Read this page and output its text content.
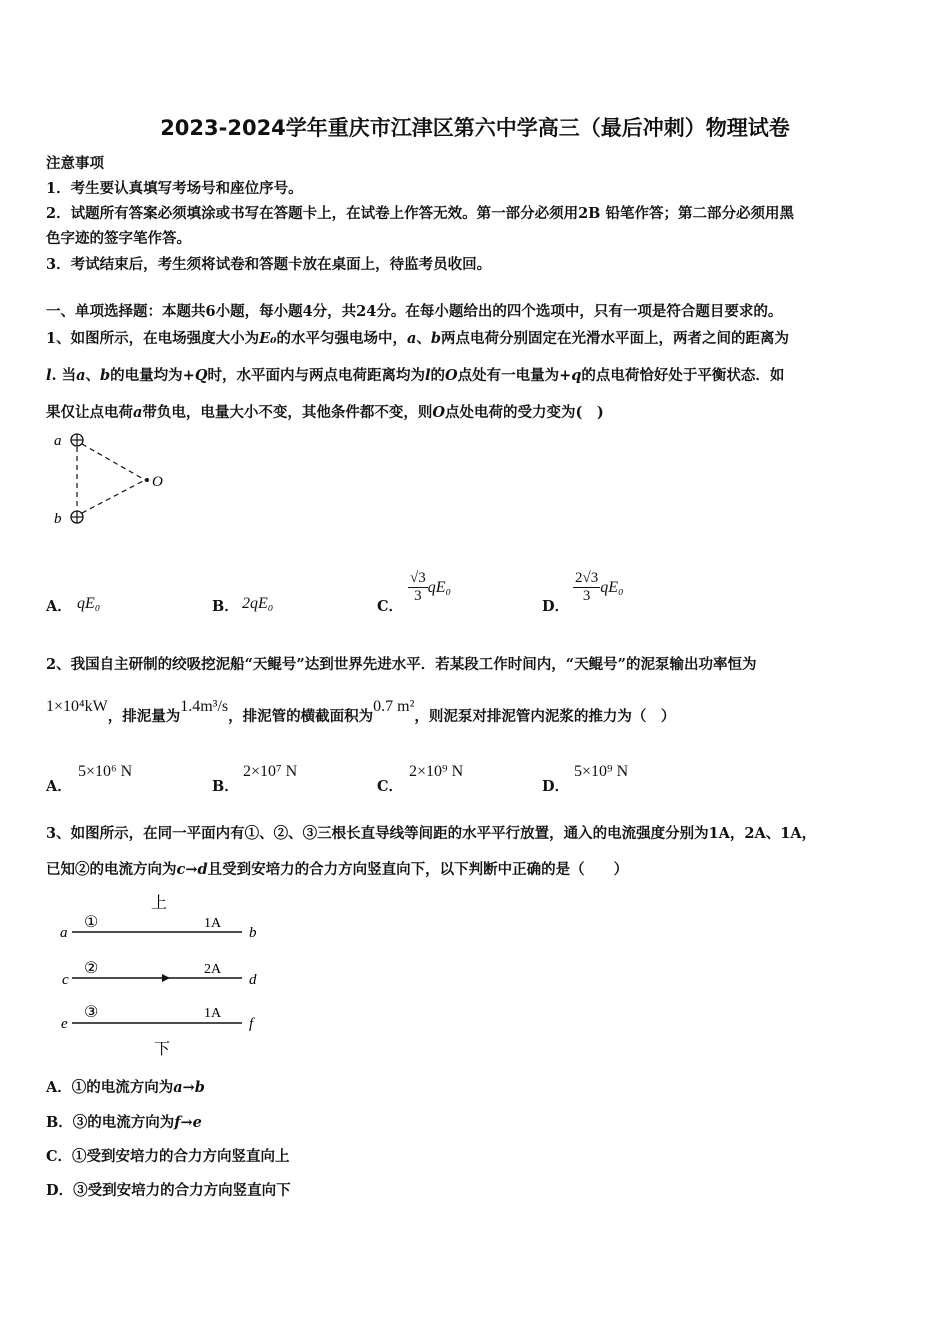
2023-2024学年重庆市江津区第六中学高三（最后冲刺）物理试卷
注意事项
1．考生要认真填写考场号和座位序号。
2．试题所有答案必须填涂或书写在答题卡上，在试卷上作答无效。第一部分必须用2B 铅笔作答；第二部分必须用黑
色字迹的签字笔作答。
3．考试结束后，考生须将试卷和答题卡放在桌面上，待监考员收回。
一、单项选择题：本题共6小题，每小题4分，共24分。在每小题给出的四个选项中，只有一项是符合题目要求的。
1、如图所示，在电场强度大小为E₀的水平匀强电场中，a、b两点电荷分别固定在光滑水平面上，两者之间的距离为
l. 当a、b的电量均为+Q时，水平面内与两点电荷距离均为l的O点处有一电量为+q的点电荷恰好处于平衡状态．如
果仅让点电荷a带负电，电量大小不变，其他条件都不变，则O点处电荷的受力变为(　)
a
b
O
A． qE₀	B． 2qE₀	C．
$\frac{√3}{3} qE_0$
D．
$\frac{2√3}{3} qE_0$
2、我国自主研制的绞吸挖泥船“天鲲号”达到世界先进水平．若某段工作时间内，“天鲲号”的泥泵输出功率恒为
1×10⁴kW，排泥量为1.4m³/s，排泥管的横截面积为0.7 m²，则泥泵对排泥管内泥浆的推力为（　）
A．
5×10⁶ N
B．
2×10⁷ N
C．
2×10⁹ N
D．
5×10⁹ N
3、如图所示，在同一平面内有①、②、③三根长直导线等间距的水平平行放置，通入的电流强度分别为1A，2A、1A，
已知②的电流方向为c→d且受到安培力的合力方向竖直向下，以下判断中正确的是（　　）
上
a
①	1A
b
c
②	2A
d
e
③	1A
f
下
A．①的电流方向为a→b
B．③的电流方向为f→e
C．①受到安培力的合力方向竖直向上
D．③受到安培力的合力方向竖直向下
